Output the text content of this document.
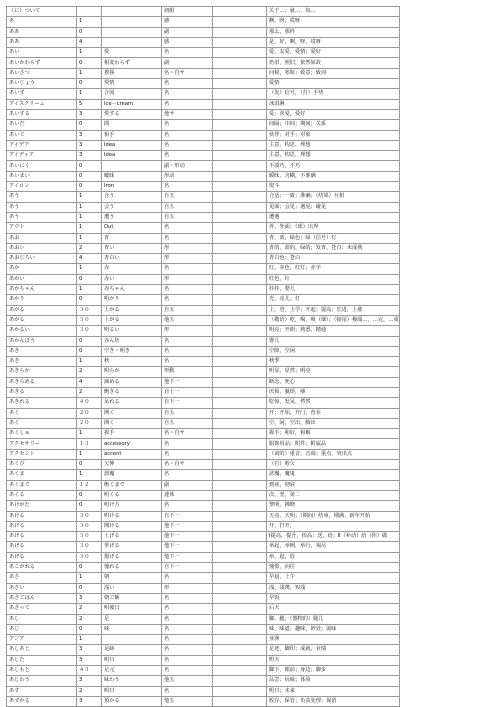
（に）ついて			詞組		关于…，就…，每…
あ	1		感		啊，呀，哎呀
ああ	0		副		那么，那样
ああ	4		感		是，好，啊，呀，哎呀
あい	1	愛	名		爱，友爱，爱情；爱好
あいかわらず	0	相変わらず	副		仍旧，照旧，依然如故
あいさつ	1	挨拶	名・自サ		问候，寒暄；致意；致词
あいじょう	0	愛情	名		爱情
あいず	1	合図	名		（发）信号，（打）手势
アイスクリーム	5	Ice－cream	名		冰淇淋
あいする	3	愛する	他サ		爱；喜爱，爱好
あいだ	0	間	名		间隔；中间；期间；关系
あいて	3	相手	名		伙伴；对手；对象
アイデア	3	Idea	名		主意，构思，理想
アイディア	3	Idea	名		主意，构思，理想
あいにく	0		副・形动		不凑巧，不巧
あいまい	0	曖昧	形动		暧昧，含糊，不准确
アイロン	0	Iron	名		熨斗
あう	1	合う	自五		合适；一致；准确；（结果）互相
あう	1	会う	自五		见面；会见；遇见；碰见
あう	1	遭う	自五		遭遇
アウト	1	Out	名		外，外面；（球）出界
あお	1	青	名		青，蓝，绿色；绿（信号）灯
あおい	2	青い	形		青的，蓝的，绿的；发青，苍白；未成熟
あおじろい	4	青白い	形		青白色；苍白
あか	1	赤	名		红，赤色，红灯；赤字
あかい	0	赤い	形		红色，红
あかちゃん	1	赤ちゃん	名		娃娃，婴儿
あかり	0	明かり	名		光，亮儿；灯
あがる	３０	上がる	自五		上，登，上学；升起；提高；长进，上涨
あがる	３０	上がる	他五		（敬语）吃，喝，吸（烟）；（接尾）极端…，…完，…成
あかるい	３０	明るい	形		明亮；开朗；熟悉，精通
あかんぼう	0	赤ん坊	名		婴儿
あき	0	空き・明き	名		空隙，空闲
あき	1	秋	名		秋季
あきらか	2	明らか	形動		明显，显然；明亮
あきらめる	4	諦める	他下一		断念，死心
あきる	2	飽きる	自上一		厌烦，腻烦，够
あきれる	４０	呆れる	自下一		吃惊，发呆，愕然
あく	２０	開く	自五		开；开始，开门，营业
あく	２０	開く	自五		空，闲，空出，腾出
あくしゅ	1	握手	名・自サ		握手；和好，和解
アクセサリー	１３	accessory	名		服饰用品；附件；附属品
アクセント	1	accent	名		（词的）重音，音调；重点，突出点
あくび	0	欠伸	名・自サ		（打）哈欠
あくま	1	悪魔	名		恶魔，魔鬼
あくまで	１２	飽くまで	副		到底，彻底
あくる	0	明くる	連体		次，翌，第二
あけがた	0	明け方	名		黎明，拂晓
あける	３０	明ける	自下一		天亮，天明；（期间）结束，期满，新年开始
あける	３０	開ける	他下一		开，打开，
あげる	３０	上げる	他下一		Ⅰ提高，提升，抬高；送，给；Ⅱ（补动）给（你）做
あげる	３０	挙げる	他下一		举起，举例，举行，竭尽
あげる	３０	揚げる	他下一		举，起，放
あこがれる	0	憧れる	自下一		憧憬，向往
あさ	1	朝	名		早晨，上午
あさい	0	浅い	形		浅，浅薄，短浅
あさごはん	3	朝ご飯	名		早饭
あさって	2	明後日	名		后天
あし	2	足	名		脚，腿；（器物的）腿儿
あじ	0	味	名		味，味道；趣味，妙处；滋味
アジア	1		名		亚洲
あしあと	3	足跡	名		足迹，脚印；成就，业绩
あした	3	明日	名		明天
あしもと	４３	足元	名		脚下，眼前；身边；脚步
あじわう	3	味わう	他五		品尝；玩味；体验
あす	2	明日	名		明日；未来
あずかる	3	預かる	他五		收存，保管；负责处理；保留
